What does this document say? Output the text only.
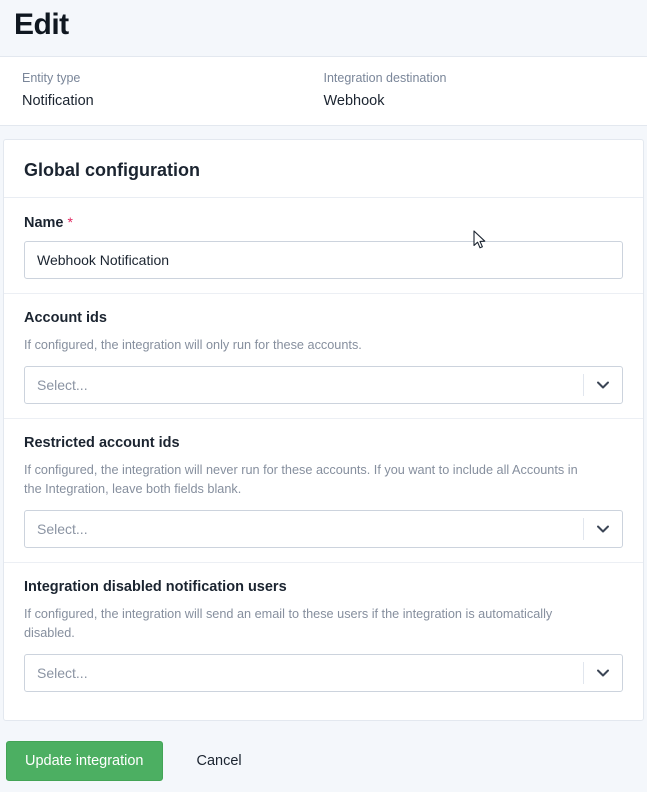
Edit
Entity type
Notification
Integration destination
Webhook
Global configuration
Name *
Webhook Notification
Account ids

If configured, the integration will only run for these accounts.

Select...
Restricted account ids

If configured, the integration will never run for these accounts. If you want to include all Accounts in the Integration, leave both fields blank.

Select...
Integration disabled notification users

If configured, the integration will send an email to these users if the integration is automatically disabled.

Select...
Update integration	Cancel
